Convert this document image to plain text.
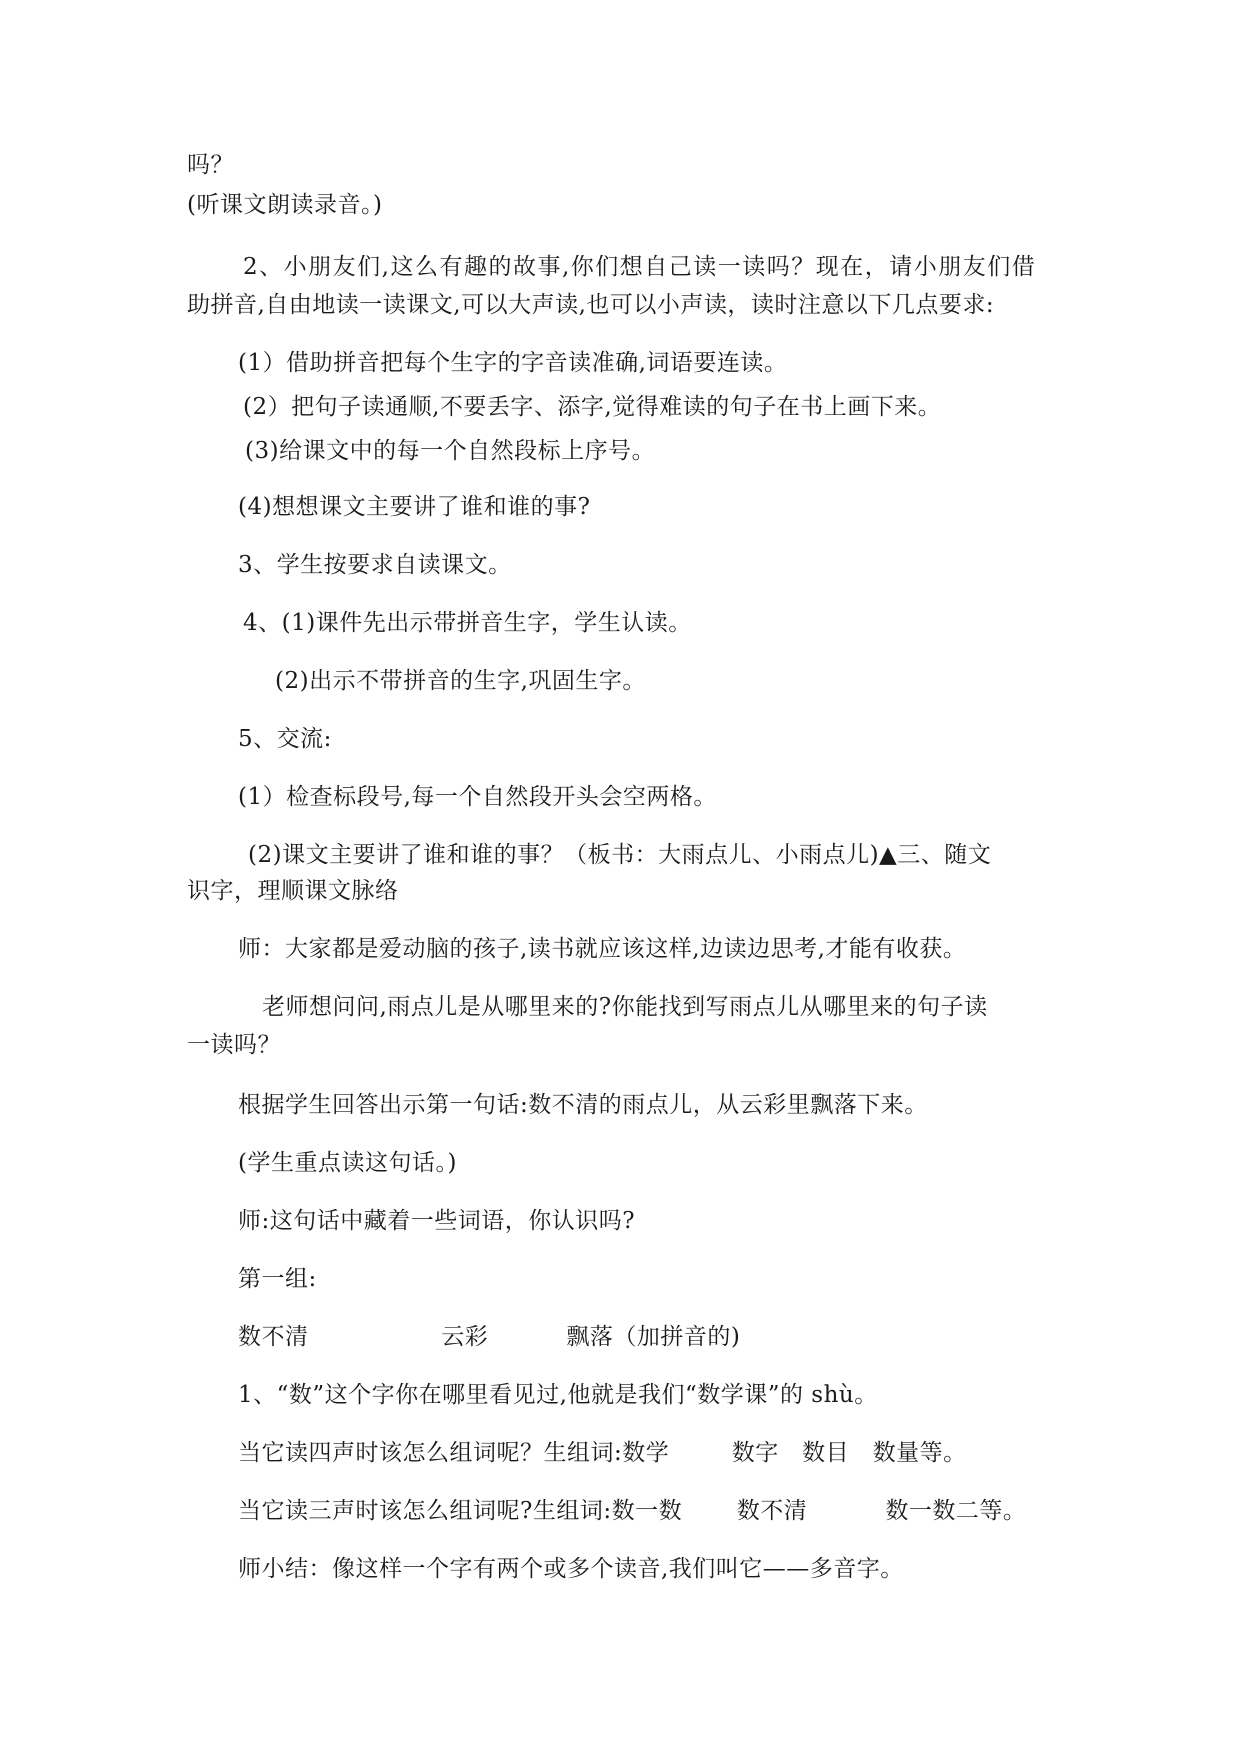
吗？
(听课文朗读录音。)
2、小朋友们,这么有趣的故事,你们想自己读一读吗？现在，请小朋友们借
助拼音,自由地读一读课文,可以大声读,也可以小声读，读时注意以下几点要求:
(1）借助拼音把每个生字的字音读准确,词语要连读。
(2）把句子读通顺,不要丢字、添字,觉得难读的句子在书上画下来。
(3)给课文中的每一个自然段标上序号。
(4)想想课文主要讲了谁和谁的事?
3、学生按要求自读课文。
4、(1)课件先出示带拼音生字，学生认读。
(2)出示不带拼音的生字,巩固生字。
5、交流:
(1）检查标段号,每一个自然段开头会空两格。
(2)课文主要讲了谁和谁的事？（板书：大雨点儿、小雨点儿)▲三、随文
识字，理顺课文脉络
师：大家都是爱动脑的孩子,读书就应该这样,边读边思考,才能有收获。
老师想问问,雨点儿是从哪里来的?你能找到写雨点儿从哪里来的句子读
一读吗？
根据学生回答出示第一句话:数不清的雨点儿，从云彩里飘落下来。
(学生重点读这句话。)
师:这句话中藏着一些词语，你认识吗?
第一组:
数不清                 云彩          飘落（加拼音的)
1、“数”这个字你在哪里看见过,他就是我们“数学课”的 shù。
当它读四声时该怎么组词呢？生组词:数学        数字   数目   数量等。
当它读三声时该怎么组词呢?生组词:数一数       数不清          数一数二等。
师小结：像这样一个字有两个或多个读音,我们叫它——多音字。
